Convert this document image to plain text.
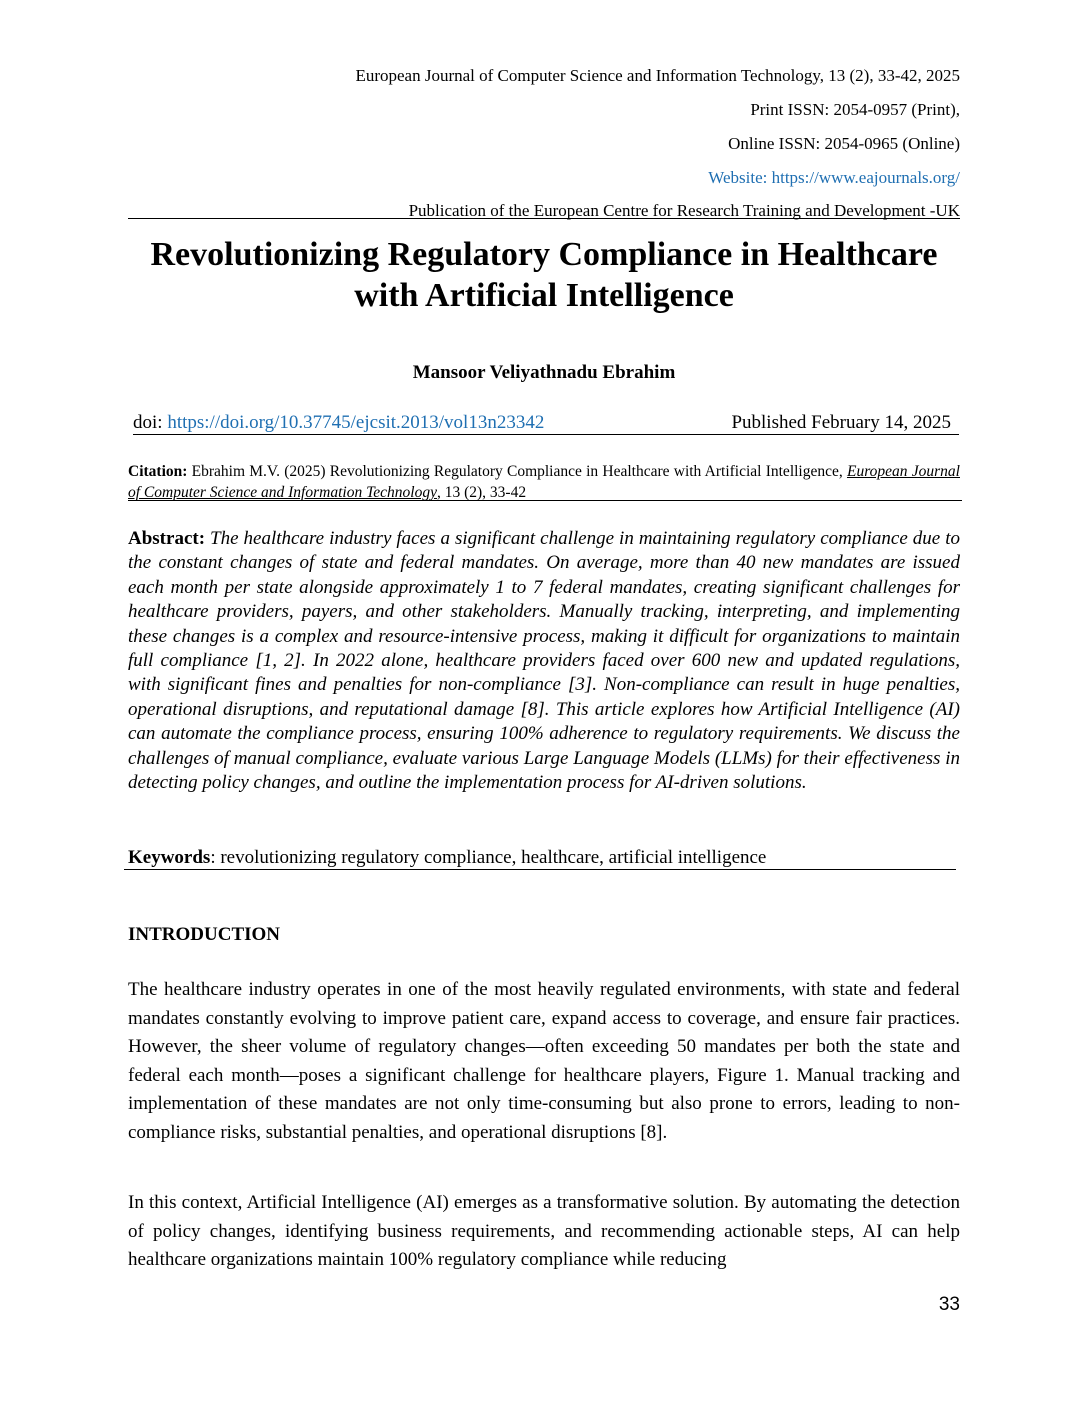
European Journal of Computer Science and Information Technology, 13 (2), 33-42, 2025
Print ISSN: 2054-0957 (Print),
Online ISSN: 2054-0965 (Online)
Website: https://www.eajournals.org/
Publication of the European Centre for Research Training and Development -UK
Revolutionizing Regulatory Compliance in Healthcare
with Artificial Intelligence
Mansoor Veliyathnadu Ebrahim
doi: https://doi.org/10.37745/ejcsit.2013/vol13n23342	Published February 14, 2025
Citation: Ebrahim M.V. (2025) Revolutionizing Regulatory Compliance in Healthcare with Artificial Intelligence, European Journal of Computer Science and Information Technology, 13 (2), 33-42
Abstract: The healthcare industry faces a significant challenge in maintaining regulatory compliance due to the constant changes of state and federal mandates. On average, more than 40 new mandates are issued each month per state alongside approximately 1 to 7 federal mandates, creating significant challenges for healthcare providers, payers, and other stakeholders. Manually tracking, interpreting, and implementing these changes is a complex and resource-intensive process, making it difficult for organizations to maintain full compliance [1, 2]. In 2022 alone, healthcare providers faced over 600 new and updated regulations, with significant fines and penalties for non-compliance [3]. Non-compliance can result in huge penalties, operational disruptions, and reputational damage [8]. This article explores how Artificial Intelligence (AI) can automate the compliance process, ensuring 100% adherence to regulatory requirements. We discuss the challenges of manual compliance, evaluate various Large Language Models (LLMs) for their effectiveness in detecting policy changes, and outline the implementation process for AI-driven solutions.
Keywords: revolutionizing regulatory compliance, healthcare, artificial intelligence
INTRODUCTION
The healthcare industry operates in one of the most heavily regulated environments, with state and federal mandates constantly evolving to improve patient care, expand access to coverage, and ensure fair practices. However, the sheer volume of regulatory changes—often exceeding 50 mandates per both the state and federal each month—poses a significant challenge for healthcare players, Figure 1. Manual tracking and implementation of these mandates are not only time-consuming but also prone to errors, leading to non-compliance risks, substantial penalties, and operational disruptions [8].
In this context, Artificial Intelligence (AI) emerges as a transformative solution. By automating the detection of policy changes, identifying business requirements, and recommending actionable steps, AI can help healthcare organizations maintain 100% regulatory compliance while reducing
33
